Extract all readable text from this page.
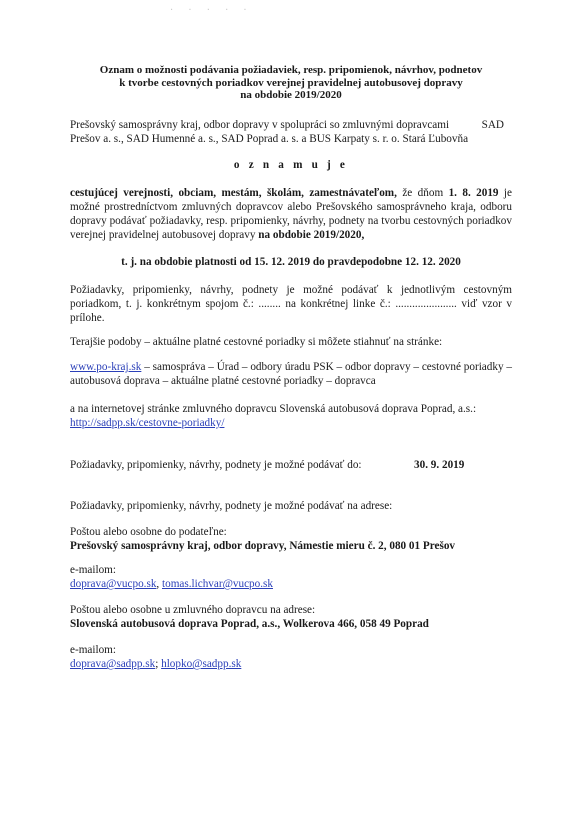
· · · · ·
Oznam o možnosti podávania požiadaviek, resp. pripomienok, návrhov, podnetov
k tvorbe cestovných poriadkov verejnej pravidelnej autobusovej dopravy
na obdobie 2019/2020
Prešovský samosprávny kraj, odbor dopravy v spolupráci so zmluvnými dopravcami	SAD
Prešov a. s., SAD Humenné a. s., SAD Poprad a. s. a BUS Karpaty s. r. o. Stará Ľubovňa
o z n a m u j e
cestujúcej verejnosti, obciam, mestám, školám, zamestnávateľom, že dňom 1. 8. 2019 je možné prostredníctvom zmluvných dopravcov alebo Prešovského samosprávneho kraja, odboru dopravy podávať požiadavky, resp. pripomienky, návrhy, podnety na tvorbu cestovných poriadkov verejnej pravidelnej autobusovej dopravy na obdobie 2019/2020,
t. j. na obdobie platnosti od 15. 12. 2019 do pravdepodobne 12. 12. 2020
Požiadavky, pripomienky, návrhy, podnety je možné podávať k jednotlivým cestovným poriadkom, t. j. konkrétnym spojom č.: ........ na konkrétnej linke č.: ...................... viď vzor v prílohe.
Terajšie podoby – aktuálne platné cestovné poriadky si môžete stiahnuť na stránke:
www.po-kraj.sk – samospráva – Úrad – odbory úradu PSK – odbor dopravy – cestovné poriadky – autobusová doprava – aktuálne platné cestovné poriadky – dopravca
a na internetovej stránke zmluvného dopravcu Slovenská autobusová doprava Poprad, a.s.:
http://sadpp.sk/cestovne-poriadky/
Požiadavky, pripomienky, návrhy, podnety je možné podávať do:	30. 9. 2019
Požiadavky, pripomienky, návrhy, podnety je možné podávať na adrese:
Poštou alebo osobne do podateľne:
Prešovský samosprávny kraj, odbor dopravy, Námestie mieru č. 2, 080 01 Prešov
e-mailom:
doprava@vucpo.sk, tomas.lichvar@vucpo.sk
Poštou alebo osobne u zmluvného dopravcu na adrese:
Slovenská autobusová doprava Poprad, a.s., Wolkerova 466, 058 49 Poprad
e-mailom:
doprava@sadpp.sk; hlopko@sadpp.sk
